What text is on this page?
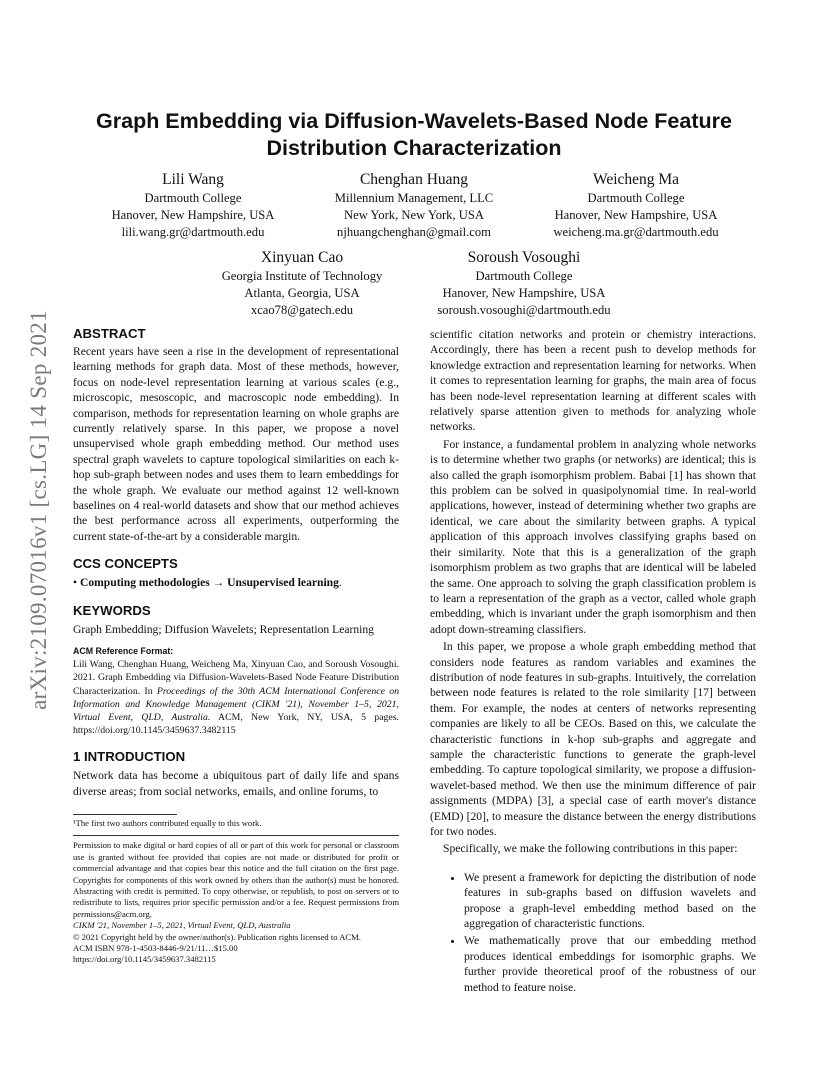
arXiv:2109.07016v1 [cs.LG] 14 Sep 2021
Graph Embedding via Diffusion-Wavelets-Based Node Feature
Distribution Characterization
Lili Wang
Dartmouth College
Hanover, New Hampshire, USA
lili.wang.gr@dartmouth.edu
Chenghan Huang
Millennium Management, LLC
New York, New York, USA
njhuangchenghan@gmail.com
Weicheng Ma
Dartmouth College
Hanover, New Hampshire, USA
weicheng.ma.gr@dartmouth.edu
Xinyuan Cao
Georgia Institute of Technology
Atlanta, Georgia, USA
xcao78@gatech.edu
Soroush Vosoughi
Dartmouth College
Hanover, New Hampshire, USA
soroush.vosoughi@dartmouth.edu

ABSTRACT

Recent years have seen a rise in the development of representational learning methods for graph data. Most of these methods, however, focus on node-level representation learning at various scales (e.g., microscopic, mesoscopic, and macroscopic node embedding). In comparison, methods for representation learning on whole graphs are currently relatively sparse. In this paper, we propose a novel unsupervised whole graph embedding method. Our method uses spectral graph wavelets to capture topological similarities on each k-hop sub-graph between nodes and uses them to learn embeddings for the whole graph. We evaluate our method against 12 well-known baselines on 4 real-world datasets and show that our method achieves the best performance across all experiments, outperforming the current state-of-the-art by a considerable margin.

CCS CONCEPTS

• Computing methodologies → Unsupervised learning.

KEYWORDS

Graph Embedding; Diffusion Wavelets; Representation Learning

ACM Reference Format:

Lili Wang, Chenghan Huang, Weicheng Ma, Xinyuan Cao, and Soroush Vosoughi. 2021. Graph Embedding via Diffusion-Wavelets-Based Node Feature Distribution Characterization. In Proceedings of the 30th ACM International Conference on Information and Knowledge Management (CIKM '21), November 1–5, 2021, Virtual Event, QLD, Australia. ACM, New York, NY, USA, 5 pages. https://doi.org/10.1145/3459637.3482115

1 INTRODUCTION

Network data has become a ubiquitous part of daily life and spans diverse areas; from social networks, emails, and online forums, to

¹The first two authors contributed equally to this work.
Permission to make digital or hard copies of all or part of this work for personal or classroom use is granted without fee provided that copies are not made or distributed for profit or commercial advantage and that copies bear this notice and the full citation on the first page. Copyrights for components of this work owned by others than the author(s) must be honored. Abstracting with credit is permitted. To copy otherwise, or republish, to post on servers or to redistribute to lists, requires prior specific permission and/or a fee. Request permissions from permissions@acm.org.
CIKM '21, November 1–5, 2021, Virtual Event, QLD, Australia
© 2021 Copyright held by the owner/author(s). Publication rights licensed to ACM.
ACM ISBN 978-1-4503-8446-9/21/11…$15.00
https://doi.org/10.1145/3459637.3482115

scientific citation networks and protein or chemistry interactions. Accordingly, there has been a recent push to develop methods for knowledge extraction and representation learning for networks. When it comes to representation learning for graphs, the main area of focus has been node-level representation learning at different scales with relatively sparse attention given to methods for analyzing whole networks.

For instance, a fundamental problem in analyzing whole networks is to determine whether two graphs (or networks) are identical; this is also called the graph isomorphism problem. Babai [1] has shown that this problem can be solved in quasipolynomial time. In real-world applications, however, instead of determining whether two graphs are identical, we care about the similarity between graphs. A typical application of this approach involves classifying graphs based on their similarity. Note that this is a generalization of the graph isomorphism problem as two graphs that are identical will be labeled the same. One approach to solving the graph classification problem is to learn a representation of the graph as a vector, called whole graph embedding, which is invariant under the graph isomorphism and then adopt down-streaming classifiers.

In this paper, we propose a whole graph embedding method that considers node features as random variables and examines the distribution of node features in sub-graphs. Intuitively, the correlation between node features is related to the role similarity [17] between them. For example, the nodes at centers of networks representing companies are likely to all be CEOs. Based on this, we calculate the characteristic functions in k-hop sub-graphs and aggregate and sample the characteristic functions to generate the graph-level embedding. To capture topological similarity, we propose a diffusion-wavelet-based method. We then use the minimum difference of pair assignments (MDPA) [3], a special case of earth mover's distance (EMD) [20], to measure the distance between the energy distributions for two nodes.

Specifically, we make the following contributions in this paper:

• We present a framework for depicting the distribution of node features in sub-graphs based on diffusion wavelets and propose a graph-level embedding method based on the aggregation of characteristic functions.
• We mathematically prove that our embedding method produces identical embeddings for isomorphic graphs. We further provide theoretical proof of the robustness of our method to feature noise.
